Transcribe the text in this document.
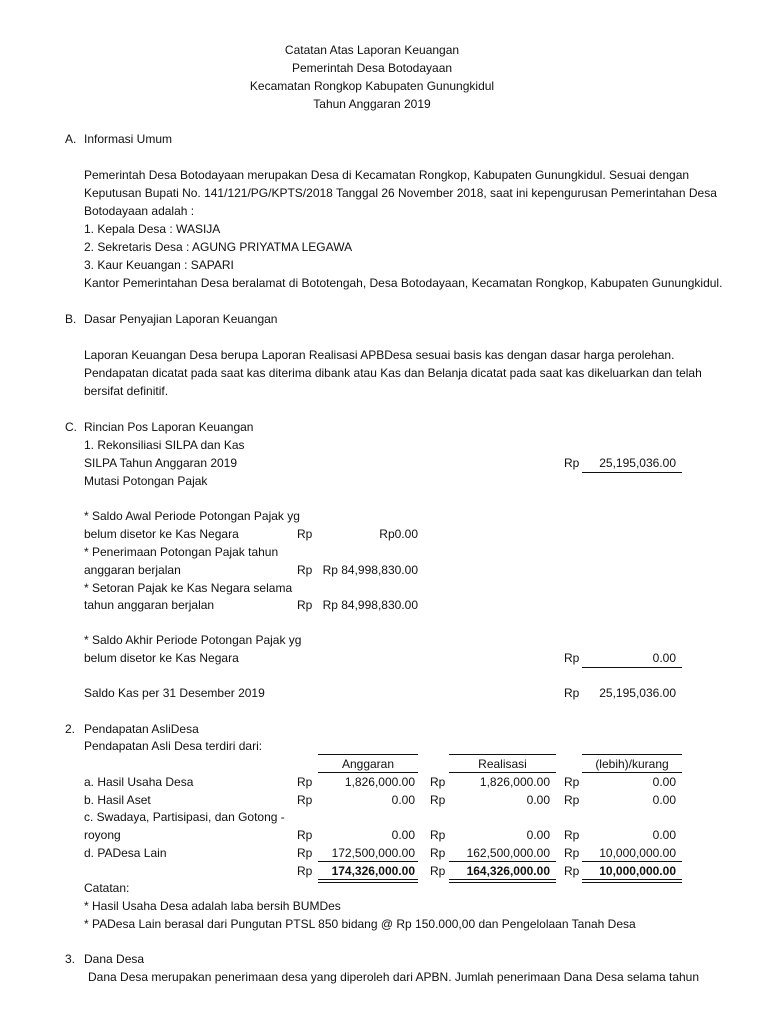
Catatan Atas Laporan Keuangan
Pemerintah Desa Botodayaan
Kecamatan Rongkop Kabupaten Gunungkidul
Tahun Anggaran 2019
A. Informasi Umum
Pemerintah Desa Botodayaan merupakan Desa di Kecamatan Rongkop, Kabupaten Gunungkidul. Sesuai dengan
Keputusan Bupati No. 141/121/PG/KPTS/2018 Tanggal 26 November 2018, saat ini kepengurusan Pemerintahan Desa
Botodayaan adalah :
1. Kepala Desa : WASIJA
2. Sekretaris Desa : AGUNG PRIYATMA LEGAWA
3. Kaur Keuangan : SAPARI
Kantor Pemerintahan Desa beralamat di Bototengah, Desa Botodayaan, Kecamatan Rongkop, Kabupaten Gunungkidul.
B. Dasar Penyajian Laporan Keuangan
Laporan Keuangan Desa berupa Laporan Realisasi APBDesa sesuai basis kas dengan dasar harga perolehan.
Pendapatan dicatat pada saat kas diterima dibank atau Kas dan Belanja dicatat pada saat kas dikeluarkan dan telah
bersifat definitif.
C. Rincian Pos Laporan Keuangan
1. Rekonsiliasi SILPA dan Kas
SILPA Tahun Anggaran 2019	Rp	25,195,036.00
Mutasi Potongan Pajak
* Saldo Awal Periode Potongan Pajak yg
belum disetor ke Kas Negara	Rp	Rp0.00
* Penerimaan Potongan Pajak tahun
anggaran berjalan	Rp Rp 84,998,830.00
* Setoran Pajak ke Kas Negara selama
tahun anggaran berjalan	Rp Rp 84,998,830.00
* Saldo Akhir Periode Potongan Pajak yg
belum disetor ke Kas Negara	Rp	0.00
Saldo Kas per 31 Desember 2019	Rp	25,195,036.00
2. Pendapatan AsliDesa
Pendapatan Asli Desa terdiri dari:
Anggaran	Realisasi	(lebih)/kurang
a. Hasil Usaha Desa	Rp	1,826,000.00 Rp	1,826,000.00 Rp	0.00
b. Hasil Aset	Rp	0.00 Rp	0.00 Rp	0.00
c. Swadaya, Partisipasi, dan Gotong -
royong	Rp	0.00 Rp	0.00 Rp	0.00
d. PADesa Lain	Rp	172,500,000.00 Rp	162,500,000.00 Rp	10,000,000.00
Rp	174,326,000.00 Rp	164,326,000.00 Rp	10,000,000.00
Catatan:
* Hasil Usaha Desa adalah laba bersih BUMDes
* PADesa Lain berasal dari Pungutan PTSL 850 bidang @ Rp 150.000,00 dan Pengelolaan Tanah Desa
3. Dana Desa
Dana Desa merupakan penerimaan desa yang diperoleh dari APBN. Jumlah penerimaan Dana Desa selama tahun
